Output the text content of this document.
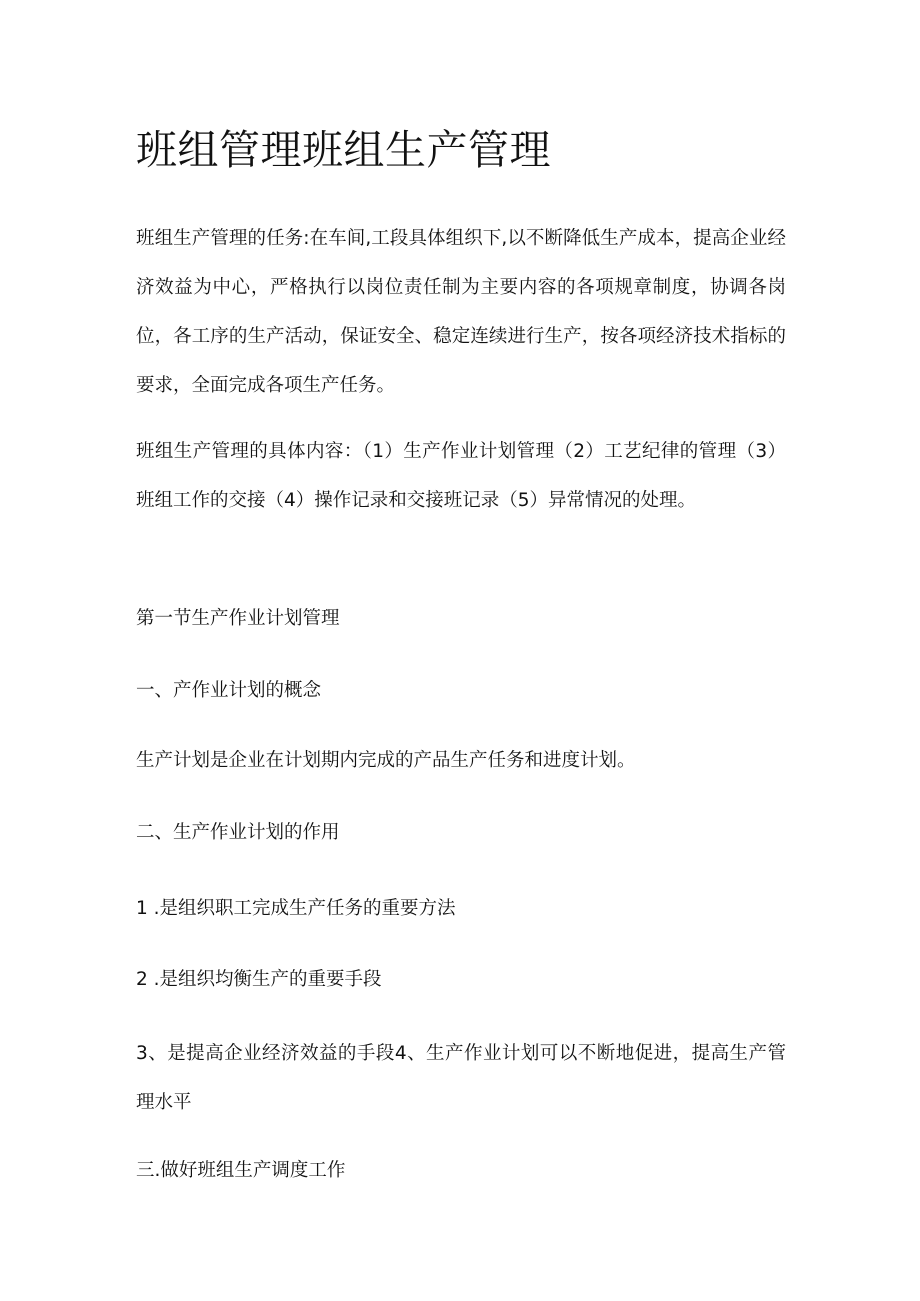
班组管理班组生产管理

班组生产管理的任务:在车间,工段具体组织下,以不断降低生产成本，提高企业经济效益为中心，严格执行以岗位责任制为主要内容的各项规章制度，协调各岗位，各工序的生产活动，保证安全、稳定连续进行生产，按各项经济技术指标的要求，全面完成各项生产任务。

班组生产管理的具体内容：（1）生产作业计划管理（2）工艺纪律的管理（3）班组工作的交接（4）操作记录和交接班记录（5）异常情况的处理。

第一节生产作业计划管理

一、产作业计划的概念

生产计划是企业在计划期内完成的产品生产任务和进度计划。

二、生产作业计划的作用

1 .是组织职工完成生产任务的重要方法

2 .是组织均衡生产的重要手段

3、是提高企业经济效益的手段4、生产作业计划可以不断地促进，提高生产管理水平

三.做好班组生产调度工作
